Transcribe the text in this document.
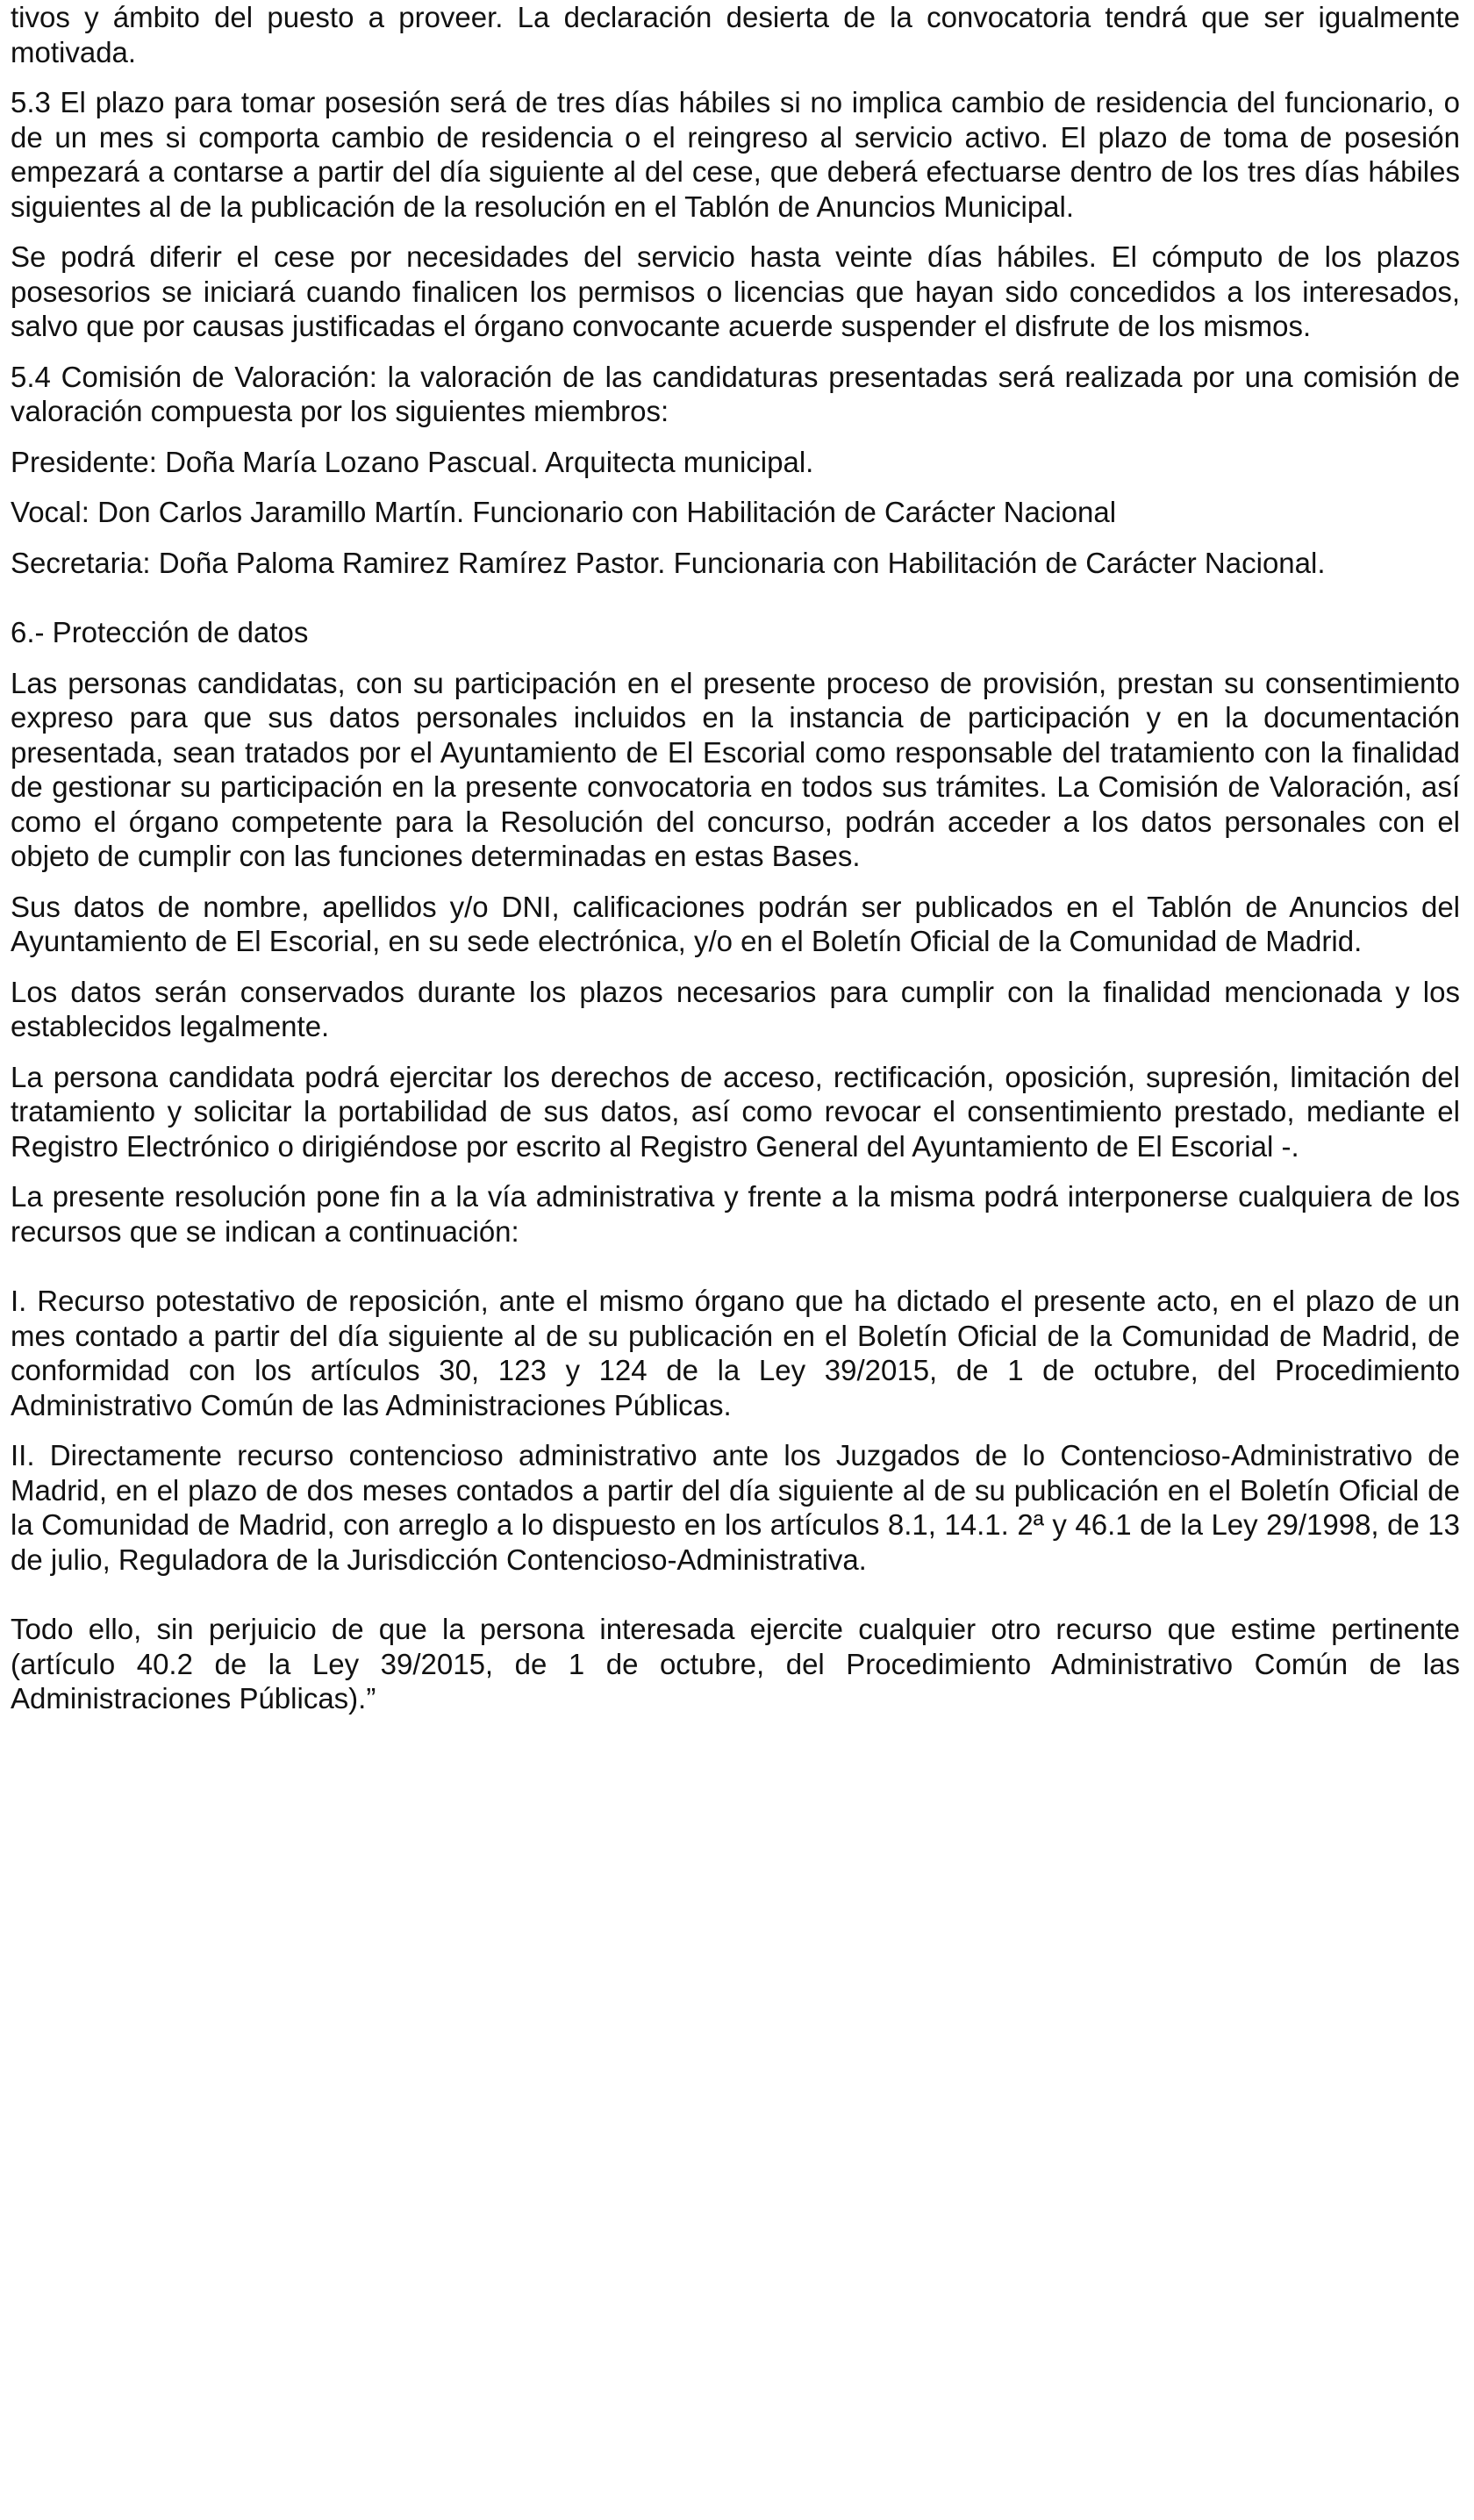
tivos y ámbito del puesto a proveer. La declaración desierta de la convocatoria tendrá que ser igualmente motivada.

5.3 El plazo para tomar posesión será de tres días hábiles si no implica cambio de residencia del funcionario, o de un mes si comporta cambio de residencia o el reingreso al servicio activo. El plazo de toma de posesión empezará a contarse a partir del día siguiente al del cese, que deberá efectuarse dentro de los tres días hábiles siguientes al de la publicación de la resolución en el Tablón de Anuncios Municipal.

Se podrá diferir el cese por necesidades del servicio hasta veinte días hábiles. El cómputo de los plazos posesorios se iniciará cuando finalicen los permisos o licencias que hayan sido concedidos a los interesados, salvo que por causas justificadas el órgano convocante acuerde suspender el disfrute de los mismos.

5.4 Comisión de Valoración: la valoración de las candidaturas presentadas será realizada por una comisión de valoración compuesta por los siguientes miembros:

Presidente: Doña María Lozano Pascual. Arquitecta municipal.

Vocal: Don Carlos Jaramillo Martín. Funcionario con Habilitación de Carácter Nacional

Secretaria: Doña Paloma Ramirez Ramírez Pastor. Funcionaria con Habilitación de Carácter Nacional.

6.- Protección de datos

Las personas candidatas, con su participación en el presente proceso de provisión, prestan su consentimiento expreso para que sus datos personales incluidos en la instancia de participación y en la documentación presentada, sean tratados por el Ayuntamiento de El Escorial como responsable del tratamiento con la finalidad de gestionar su participación en la presente convocatoria en todos sus trámites. La Comisión de Valoración, así como el órgano competente para la Resolución del concurso, podrán acceder a los datos personales con el objeto de cumplir con las funciones determinadas en estas Bases.

Sus datos de nombre, apellidos y/o DNI, calificaciones podrán ser publicados en el Tablón de Anuncios del Ayuntamiento de El Escorial, en su sede electrónica, y/o en el Boletín Oficial de la Comunidad de Madrid.

Los datos serán conservados durante los plazos necesarios para cumplir con la finalidad mencionada y los establecidos legalmente.

La persona candidata podrá ejercitar los derechos de acceso, rectificación, oposición, supresión, limitación del tratamiento y solicitar la portabilidad de sus datos, así como revocar el consentimiento prestado, mediante el Registro Electrónico o dirigiéndose por escrito al Registro General del Ayuntamiento de El Escorial -.

La presente resolución pone fin a la vía administrativa y frente a la misma podrá interponerse cualquiera de los recursos que se indican a continuación:

I. Recurso potestativo de reposición, ante el mismo órgano que ha dictado el presente acto, en el plazo de un mes contado a partir del día siguiente al de su publicación en el Boletín Oficial de la Comunidad de Madrid, de conformidad con los artículos 30, 123 y 124 de la Ley 39/2015, de 1 de octubre, del Procedimiento Administrativo Común de las Administraciones Públicas.

II. Directamente recurso contencioso administrativo ante los Juzgados de lo Contencioso-Administrativo de Madrid, en el plazo de dos meses contados a partir del día siguiente al de su publicación en el Boletín Oficial de la Comunidad de Madrid, con arreglo a lo dispuesto en los artículos 8.1, 14.1. 2ª y 46.1 de la Ley 29/1998, de 13 de julio, Reguladora de la Jurisdicción Contencioso-Administrativa.

Todo ello, sin perjuicio de que la persona interesada ejercite cualquier otro recurso que estime pertinente (artículo 40.2 de la Ley 39/2015, de 1 de octubre, del Procedimiento Administrativo Común de las Administraciones Públicas).”
